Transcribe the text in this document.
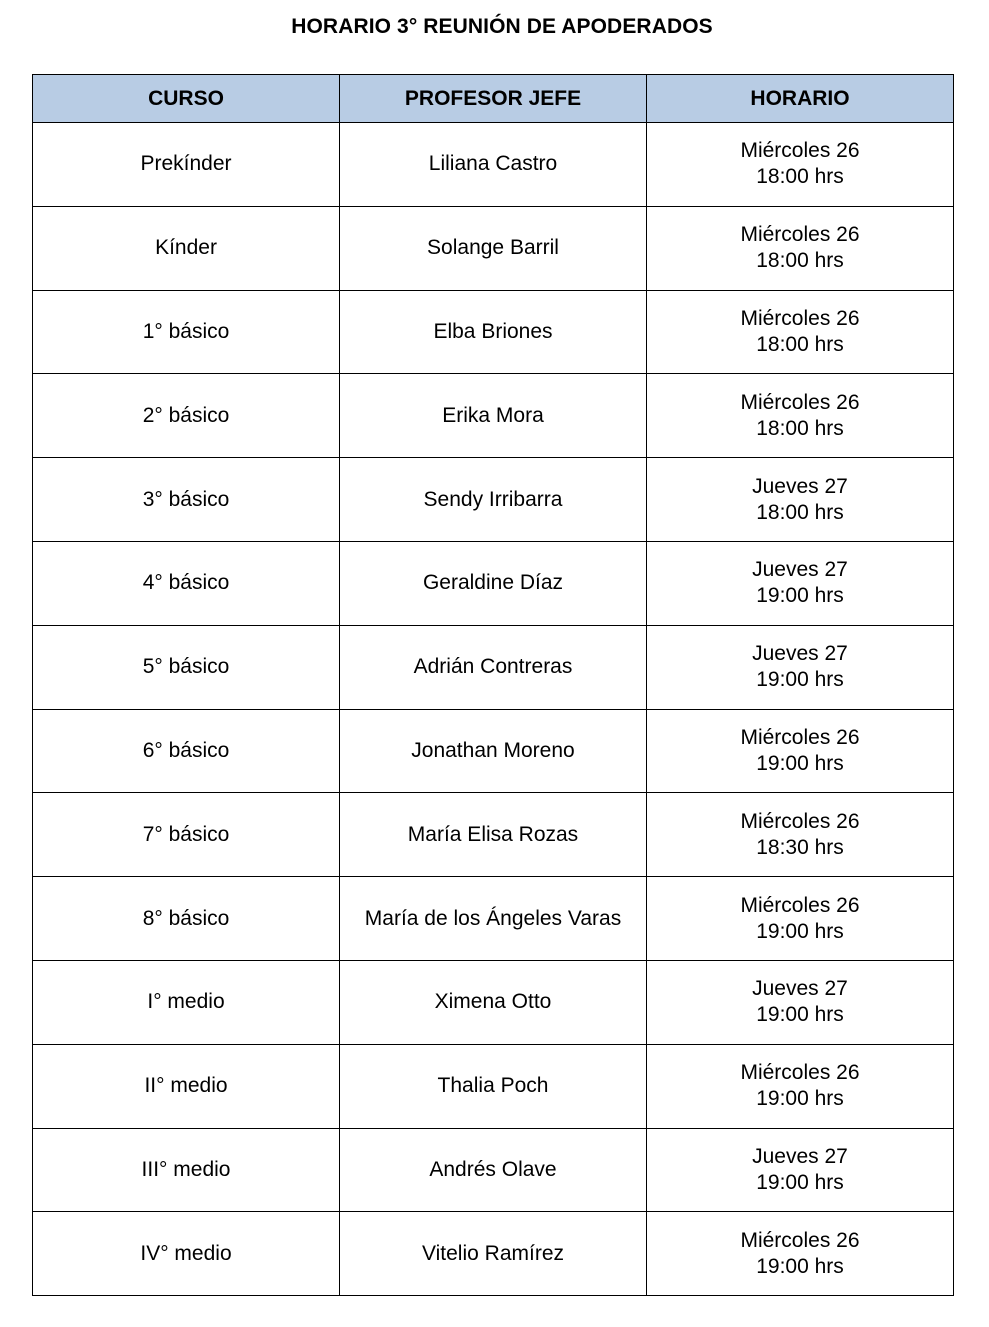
HORARIO 3° REUNIÓN DE APODERADOS
CURSO	PROFESOR JEFE	HORARIO
Prekínder	Liliana Castro	Miércoles 26
18:00 hrs

Kínder	Solange Barril	Miércoles 26
18:00 hrs

1° básico	Elba Briones	Miércoles 26
18:00 hrs

2° básico	Erika Mora	Miércoles 26
18:00 hrs

3° básico	Sendy Irribarra	Jueves 27
18:00 hrs

4° básico	Geraldine Díaz	Jueves 27
19:00 hrs

5° básico	Adrián Contreras	Jueves 27
19:00 hrs

6° básico	Jonathan Moreno	Miércoles 26
19:00 hrs

7° básico	María Elisa Rozas	Miércoles 26
18:30 hrs

8° básico	María de los Ángeles Varas	Miércoles 26
19:00 hrs

I° medio	Ximena Otto	Jueves 27
19:00 hrs

II° medio	Thalia Poch	Miércoles 26
19:00 hrs

III° medio	Andrés Olave	Jueves 27
19:00 hrs

IV° medio	Vitelio Ramírez	Miércoles 26
19:00 hrs
